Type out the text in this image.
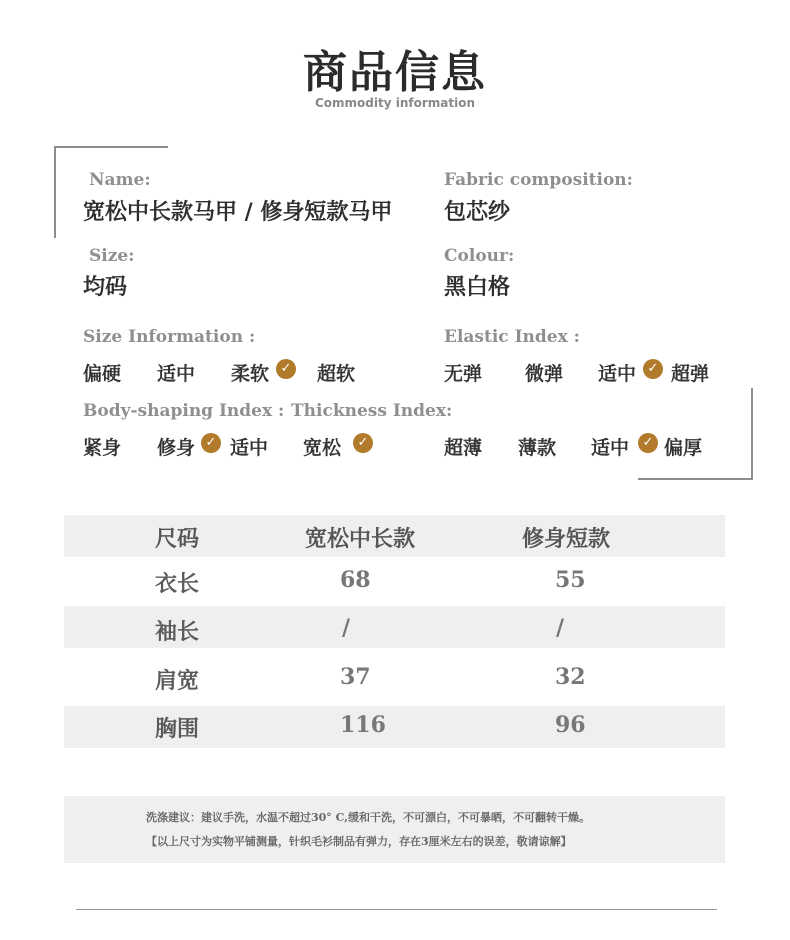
商品信息
Commodity information
Name:
宽松中长款马甲 / 修身短款马甲
Fabric composition:
包芯纱
Size:
均码
Colour:
黑白格
Size Information :
偏硬 适中 柔软 ✓ 超软
Elastic Index :
无弹 微弹 适中 ✓ 超弹
Body-shaping Index : Thickness Index:
紧身 修身 ✓ 适中 宽松	✓	超薄 薄款 适中	✓ 偏厚
尺码	宽松中长款	修身短款
衣长	68	55
袖长	/	/
肩宽	37	32
胸围	116	96
洗涤建议：建议手洗，水温不超过30° C,缓和干洗，不可漂白，不可暴晒，不可翻转干燥。
【以上尺寸为实物平铺测量，针织毛衫制品有弹力，存在3厘米左右的误差，敬请谅解】
